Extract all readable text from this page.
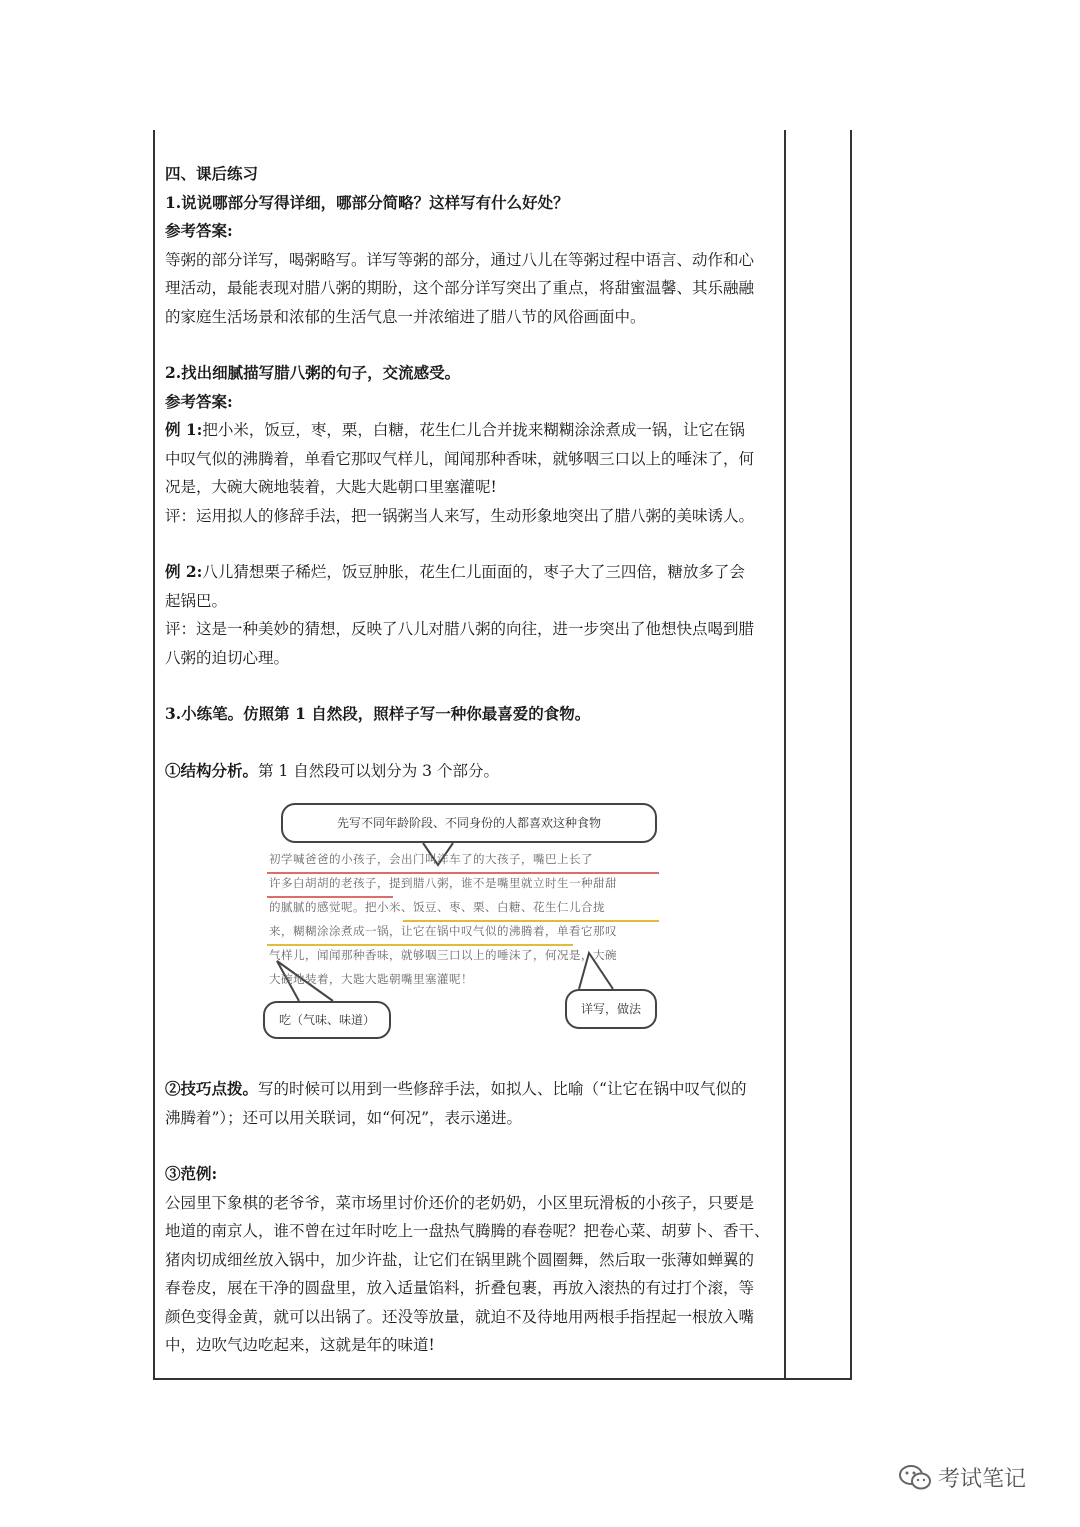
四、课后练习

1.说说哪部分写得详细，哪部分简略？这样写有什么好处？

参考答案:

等粥的部分详写，喝粥略写。详写等粥的部分，通过八儿在等粥过程中语言、动作和心

理活动，最能表现对腊八粥的期盼，这个部分详写突出了重点，将甜蜜温馨、其乐融融

的家庭生活场景和浓郁的生活气息一并浓缩进了腊八节的风俗画面中。

2.找出细腻描写腊八粥的句子，交流感受。

参考答案:

例 1:把小米，饭豆，枣，栗，白糖，花生仁儿合并拢来糊糊涂涂煮成一锅，让它在锅

中叹气似的沸腾着，单看它那叹气样儿，闻闻那种香味，就够咽三口以上的唾沫了，何

况是，大碗大碗地装着，大匙大匙朝口里塞灌呢!

评：运用拟人的修辞手法，把一锅粥当人来写，生动形象地突出了腊八粥的美味诱人。

例 2:八儿猜想栗子稀烂，饭豆肿胀，花生仁儿面面的，枣子大了三四倍，糖放多了会

起锅巴。

评：这是一种美妙的猜想，反映了八儿对腊八粥的向往，进一步突出了他想快点喝到腊

八粥的迫切心理。

3.小练笔。仿照第 1 自然段，照样子写一种你最喜爱的食物。

①结构分析。第 1 自然段可以划分为 3 个部分。

先写不同年龄阶段、不同身份的人都喜欢这种食物
初学喊爸爸的小孩子，会出门叫洋车了的大孩子，嘴巴上长了
许多白胡胡的老孩子，提到腊八粥，谁不是嘴里就立时生一种甜甜
的腻腻的感觉呢。把小米、饭豆、枣、栗、白糖、花生仁儿合拢
来，糊糊涂涂煮成一锅，让它在锅中叹气似的沸腾着，单看它那叹
气样儿，闻闻那种香味，就够咽三口以上的唾沫了，何况是，大碗
大碗地装着，大匙大匙朝嘴里塞灌呢！
吃（气味、味道）
详写，做法

②技巧点拨。写的时候可以用到一些修辞手法，如拟人、比喻（“让它在锅中叹气似的

沸腾着”）；还可以用关联词，如“何况”，表示递进。

③范例:

公园里下象棋的老爷爷，菜市场里讨价还价的老奶奶，小区里玩滑板的小孩子，只要是

地道的南京人，谁不曾在过年时吃上一盘热气腾腾的春卷呢？把卷心菜、胡萝卜、香干、

猪肉切成细丝放入锅中，加少许盐，让它们在锅里跳个圆圈舞，然后取一张薄如蝉翼的

春卷皮，展在干净的圆盘里，放入适量馅料，折叠包裹，再放入滚热的有过打个滚，等

颜色变得金黄，就可以出锅了。还没等放量，就迫不及待地用两根手指捏起一根放入嘴

中，边吹气边吃起来，这就是年的味道!

考试笔记
